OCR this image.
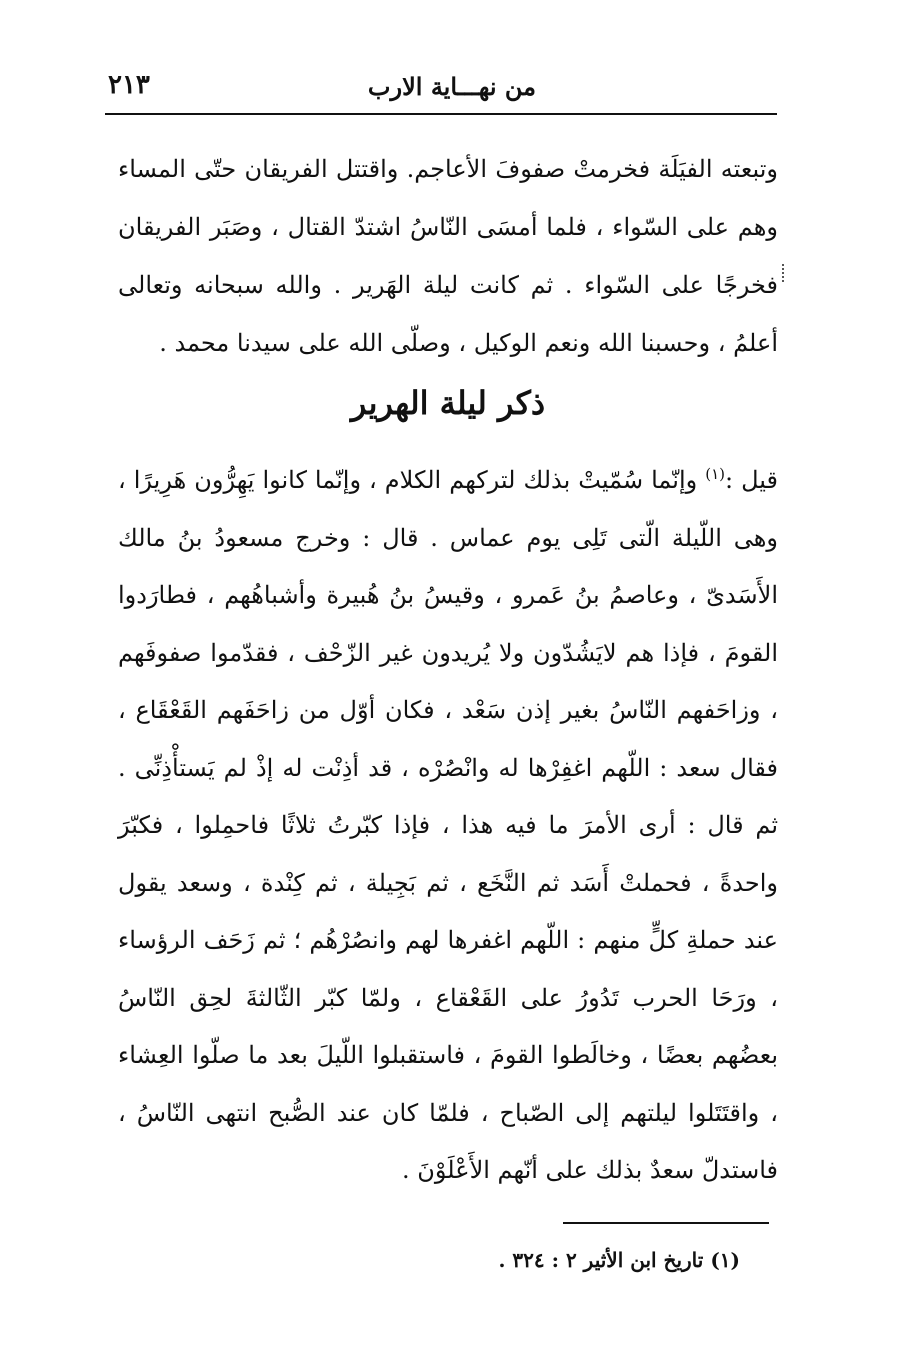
من نهـــاية الارب
٢١٣

وتبعته الفيَلَة فخرمتْ صفوفَ الأعاجم. واقتتل الفريقان حتّى المساء وهم على السّواء ، فلما أمسَى النّاسُ اشتدّ القتال ، وصَبَر الفريقان فخرجًا على السّواء . ثم كانت ليلة الهَرير . والله سبحانه وتعالى أعلمُ ، وحسبنا الله ونعم الوكيل ، وصلّى الله على سيدنا محمد .

ذكر ليلة الهرير

قيل :$^{(١)}$ وإنّما سُمّيتْ بذلك لتركهم الكلام ، وإنّما كانوا يَهِرُّون هَرِيرًا ، وهى اللّيلة الّتى تَلِى يوم عماس . قال : وخرج مسعودُ بنُ مالك الأَسَدىّ ، وعاصمُ بنُ عَمرو ، وقيسُ بنُ هُبيرة وأشباهُهم ، فطارَدوا القومَ ، فإذا هم لايَشُدّون ولا يُريدون غير الزّحْف ، فقدّموا صفوفَهم ، وزاحَفهم النّاسُ بغير إذن سَعْد ، فكان أوّل من زاحَفَهم القَعْقَاع ، فقال سعد : اللّهم اغفِرْها له وانْصُرْه ، قد أذِنْت له إذْ لم يَستأْذِنِّى . ثم قال : أرى الأمرَ ما فيه هذا ، فإذا كبّرتُ ثلاثًا فاحمِلوا ، فكبّرَ واحدةً ، فحملتْ أَسَد ثم النَّخَع ، ثم بَجِيلة ، ثم كِنْدة ، وسعد يقول عند حملةِ كلٍّ منهم : اللّهم اغفرها لهم وانصُرْهُم ؛ ثم زَحَف الرؤساء ، ورَحَا الحرب تَدُورُ على القَعْقاع ، ولمّا كبّر الثّالثةَ لحِق النّاسُ بعضُهم بعضًا ، وخالَطوا القومَ ، فاستقبلوا اللّيلَ بعد ما صلّوا العِشاء ، واقتَتَلوا ليلتهم إلى الصّباح ، فلمّا كان عند الصُّبح انتهى النّاسُ ، فاستدلّ سعدٌ بذلك على أنّهم الأَعْلَوْنَ .

(١) تاريخ ابن الأثير ٢ : ٣٢٤ .
